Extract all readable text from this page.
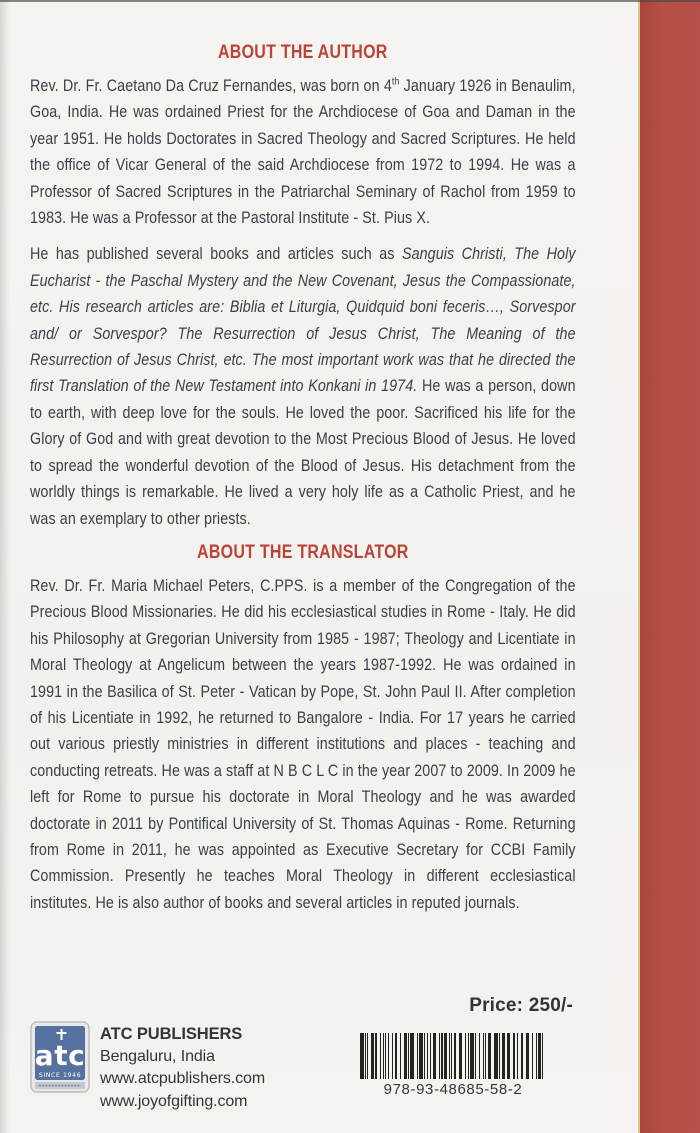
ABOUT THE AUTHOR

Rev. Dr. Fr. Caetano Da Cruz Fernandes, was born on 4th January 1926 in Benaulim, Goa, India. He was ordained Priest for the Archdiocese of Goa and Daman in the year 1951. He holds Doctorates in Sacred Theology and Sacred Scriptures. He held the office of Vicar General of the said Archdiocese from 1972 to 1994. He was a Professor of Sacred Scriptures in the Patriarchal Seminary of Rachol from 1959 to 1983. He was a Professor at the Pastoral Institute - St. Pius X.

He has published several books and articles such as Sanguis Christi, The Holy Eucharist - the Paschal Mystery and the New Covenant, Jesus the Compassionate, etc. His research articles are: Biblia et Liturgia, Quidquid boni feceris…, Sorvespor and/ or Sorvespor? The Resurrection of Jesus Christ, The Meaning of the Resurrection of Jesus Christ, etc. The most important work was that he directed the first Translation of the New Testament into Konkani in 1974. He was a person, down to earth, with deep love for the souls. He loved the poor. Sacrificed his life for the Glory of God and with great devotion to the Most Precious Blood of Jesus. He loved to spread the wonderful devotion of the Blood of Jesus. His detachment from the worldly things is remarkable. He lived a very holy life as a Catholic Priest, and he was an exemplary to other priests.

ABOUT THE TRANSLATOR

Rev. Dr. Fr. Maria Michael Peters, C.PPS. is a member of the Congregation of the Precious Blood Missionaries. He did his ecclesiastical studies in Rome - Italy. He did his Philosophy at Gregorian University from 1985 - 1987; Theology and Licentiate in Moral Theology at Angelicum between the years 1987-1992. He was ordained in 1991 in the Basilica of St. Peter - Vatican by Pope, St. John Paul II. After completion of his Licentiate in 1992, he returned to Bangalore - India. For 17 years he carried out various priestly ministries in different institutions and places - teaching and conducting retreats. He was a staff at N B C L C in the year 2007 to 2009. In 2009 he left for Rome to pursue his doctorate in Moral Theology and he was awarded doctorate in 2011 by Pontifical University of St. Thomas Aquinas - Rome. Returning from Rome in 2011, he was appointed as Executive Secretary for CCBI Family Commission. Presently he teaches Moral Theology in different ecclesiastical institutes. He is also author of books and several articles in reputed journals.

Price: 250/-
atc
SINCE 1946
ATC PUBLISHERS
Bengaluru, India
www.atcpublishers.com
www.joyofgifting.com
978-93-48685-58-2
